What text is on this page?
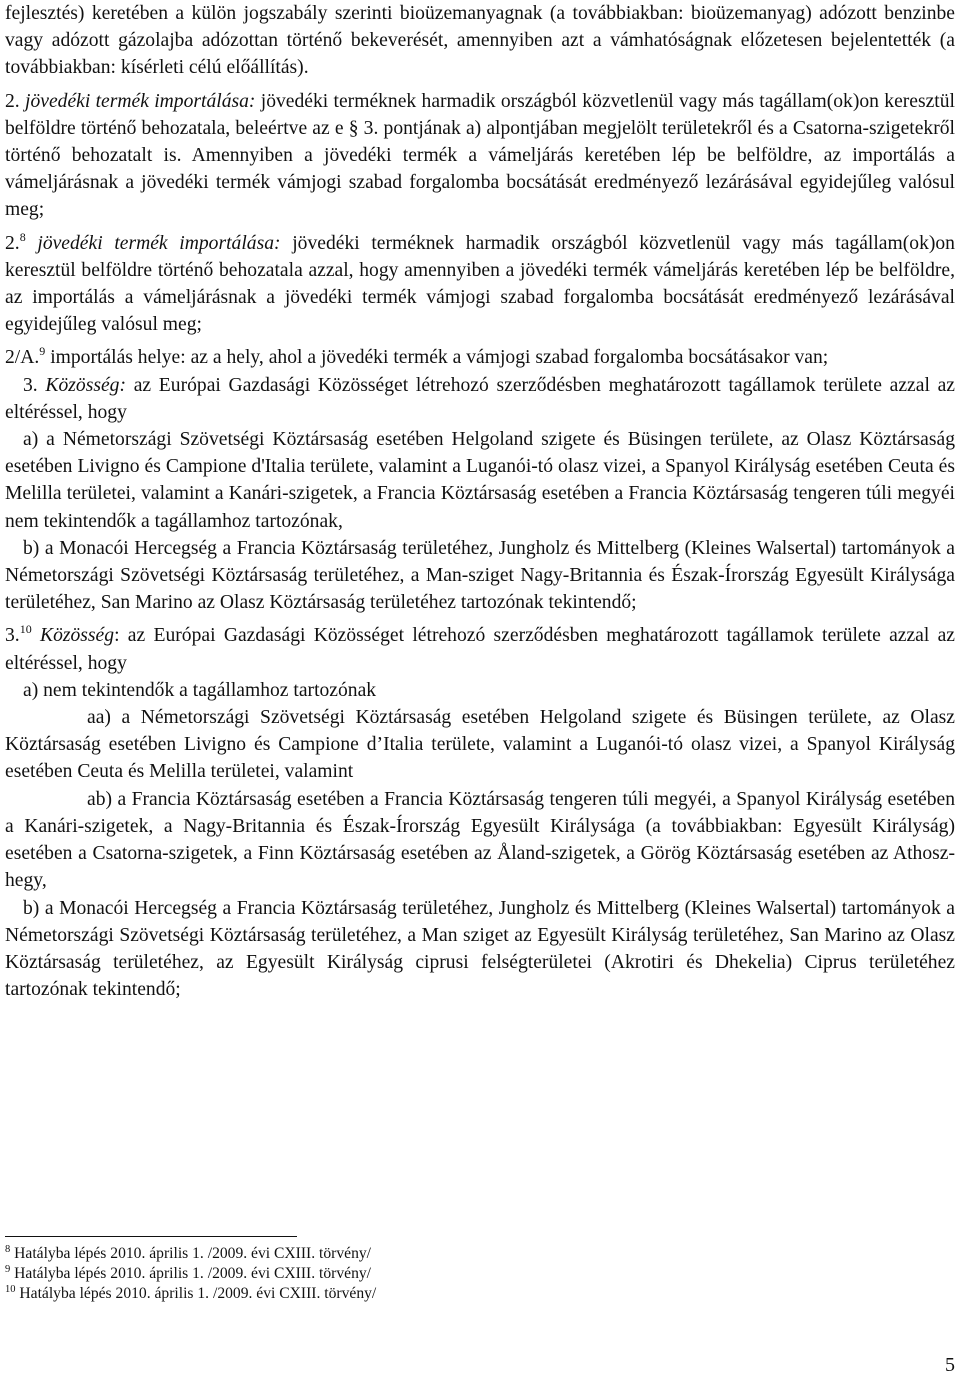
fejlesztés) keretében a külön jogszabály szerinti bioüzemanyagnak (a továbbiakban: bioüzemanyag) adózott benzinbe vagy adózott gázolajba adózottan történő bekeverését, amennyiben azt a vámhatóságnak előzetesen bejelentették (a továbbiakban: kísérleti célú előállítás).

2. jövedéki termék importálása: jövedéki terméknek harmadik országból közvetlenül vagy más tagállam(ok)on keresztül belföldre történő behozatala, beleértve az e § 3. pontjának a) alpontjában megjelölt területekről és a Csatorna-szigetekről történő behozatalt is. Amennyiben a jövedéki termék a vámeljárás keretében lép be belföldre, az importálás a vámeljárásnak a jövedéki termék vámjogi szabad forgalomba bocsátását eredményező lezárásával egyidejűleg valósul meg;

2.$^8$ jövedéki termék importálása: jövedéki terméknek harmadik országból közvetlenül vagy más tagállam(ok)on keresztül belföldre történő behozatala azzal, hogy amennyiben a jövedéki termék vámeljárás keretében lép be belföldre, az importálás a vámeljárásnak a jövedéki termék vámjogi szabad forgalomba bocsátását eredményező lezárásával egyidejűleg valósul meg;

2/A.$^9$ importálás helye: az a hely, ahol a jövedéki termék a vámjogi szabad forgalomba bocsátásakor van;

3. Közösség: az Európai Gazdasági Közösséget létrehozó szerződésben meghatározott tagállamok területe azzal az eltéréssel, hogy

a) a Németországi Szövetségi Köztársaság esetében Helgoland szigete és Büsingen területe, az Olasz Köztársaság esetében Livigno és Campione d'Italia területe, valamint a Luganói-tó olasz vizei, a Spanyol Királyság esetében Ceuta és Melilla területei, valamint a Kanári-szigetek, a Francia Köztársaság esetében a Francia Köztársaság tengeren túli megyéi nem tekintendők a tagállamhoz tartozónak,

b) a Monacói Hercegség a Francia Köztársaság területéhez, Jungholz és Mittelberg (Kleines Walsertal) tartományok a Németországi Szövetségi Köztársaság területéhez, a Man-sziget Nagy-Britannia és Észak-Írország Egyesült Királysága területéhez, San Marino az Olasz Köztársaság területéhez tartozónak tekintendő;

3.10 Közösség: az Európai Gazdasági Közösséget létrehozó szerződésben meghatározott tagállamok területe azzal az eltéréssel, hogy

a) nem tekintendők a tagállamhoz tartozónak

aa) a Németországi Szövetségi Köztársaság esetében Helgoland szigete és Büsingen területe, az Olasz Köztársaság esetében Livigno és Campione d’Italia területe, valamint a Luganói-tó olasz vizei, a Spanyol Királyság esetében Ceuta és Melilla területei, valamint

ab) a Francia Köztársaság esetében a Francia Köztársaság tengeren túli megyéi, a Spanyol Királyság esetében a Kanári-szigetek, a Nagy-Britannia és Észak-Írország Egyesült Királysága (a továbbiakban: Egyesült Királyság) esetében a Csatorna-szigetek, a Finn Köztársaság esetében az Åland-szigetek, a Görög Köztársaság esetében az Athosz-hegy,

b) a Monacói Hercegség a Francia Köztársaság területéhez, Jungholz és Mittelberg (Kleines Walsertal) tartományok a Németországi Szövetségi Köztársaság területéhez, a Man sziget az Egyesült Királyság területéhez, San Marino az Olasz Köztársaság területéhez, az Egyesült Királyság ciprusi felségterületei (Akrotiri és Dhekelia) Ciprus területéhez tartozónak tekintendő;

$^8$ Hatályba lépés 2010. április 1. /2009. évi CXIII. törvény/

$^9$ Hatályba lépés 2010. április 1. /2009. évi CXIII. törvény/

$^{10}$ Hatályba lépés 2010. április 1. /2009. évi CXIII. törvény/

5
